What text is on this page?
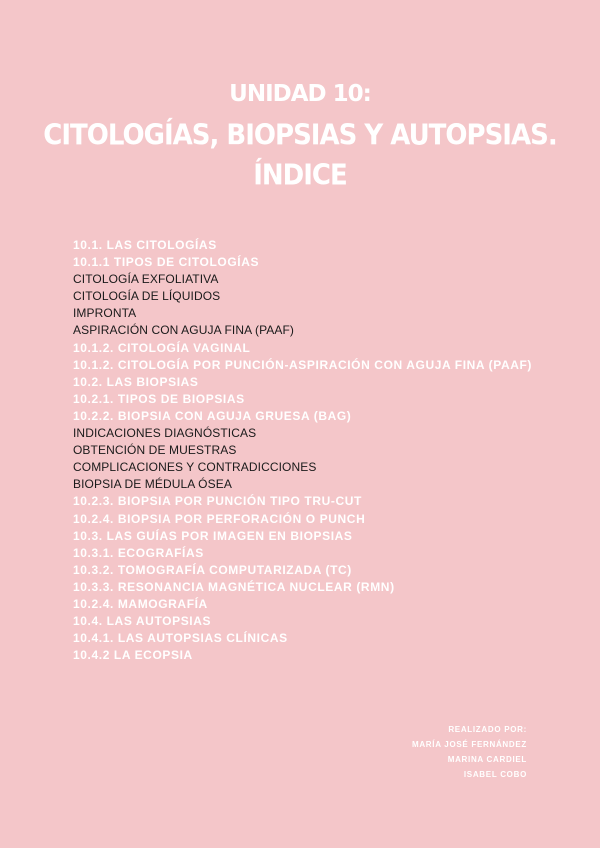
UNIDAD 10:
CITOLOGÍAS, BIOPSIAS Y AUTOPSIAS.
ÍNDICE
10.1. LAS CITOLOGÍAS
10.1.1 TIPOS DE CITOLOGÍAS
CITOLOGÍA EXFOLIATIVA
CITOLOGÍA DE LÍQUIDOS
IMPRONTA
ASPIRACIÓN CON AGUJA FINA (PAAF)
10.1.2. CITOLOGÍA VAGINAL
10.1.2. CITOLOGÍA POR PUNCIÓN-ASPIRACIÓN CON AGUJA FINA (PAAF)
10.2. LAS BIOPSIAS
10.2.1. TIPOS DE BIOPSIAS
10.2.2. BIOPSIA CON AGUJA GRUESA (BAG)
INDICACIONES DIAGNÓSTICAS
OBTENCIÓN DE MUESTRAS
COMPLICACIONES Y CONTRADICCIONES
BIOPSIA DE MÉDULA ÓSEA
10.2.3. BIOPSIA POR PUNCIÓN TIPO TRU-CUT
10.2.4. BIOPSIA POR PERFORACIÓN O PUNCH
10.3. LAS GUÍAS POR IMAGEN EN BIOPSIAS
10.3.1. ECOGRAFÍAS
10.3.2. TOMOGRAFÍA COMPUTARIZADA (TC)
10.3.3. RESONANCIA MAGNÉTICA NUCLEAR (RMN)
10.2.4. MAMOGRAFÍA
10.4. LAS AUTOPSIAS
10.4.1. LAS AUTOPSIAS CLÍNICAS
10.4.2 LA ECOPSIA
REALIZADO POR:
MARÍA JOSÉ FERNÁNDEZ
MARINA CARDIEL
ISABEL COBO
